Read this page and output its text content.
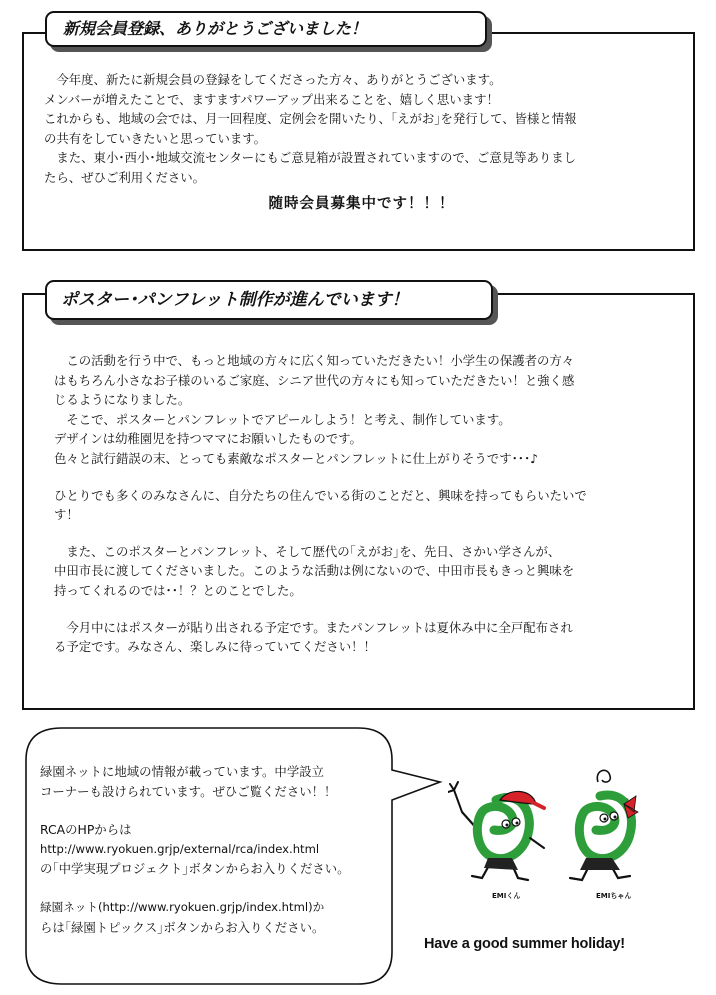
　今年度、新たに新規会員の登録をしてくださった方々、ありがとうございます。

メンバーが増えたことで、ますますパワーアップ出来ることを、嬉しく思います！

これからも、地域の会では、月一回程度、定例会を開いたり、｢えがお｣を発行して、皆様と情報

の共有をしていきたいと思っています。

　また、東小･西小･地域交流センターにもご意見箱が設置されていますので、ご意見等ありまし

たら、ぜひご利用ください。

随時会員募集中です！！！
新規会員登録、ありがとうございました！

　この活動を行う中で、もっと地域の方々に広く知っていただきたい！小学生の保護者の方々

はもちろん小さなお子様のいるご家庭、シニア世代の方々にも知っていただきたい！と強く感

じるようになりました。

　そこで、ポスターとパンフレットでアピールしよう！と考え、制作しています。

デザインは幼稚園児を持つママにお願いしたものです。

色々と試行錯誤の末、とっても素敵なポスターとパンフレットに仕上がりそうです･･･♪

ひとりでも多くのみなさんに、自分たちの住んでいる街のことだと、興味を持ってもらいたいで

す！

　また、このポスターとパンフレット、そして歴代の｢えがお｣を、先日、さかい学さんが、

中田市長に渡してくださいました。このような活動は例にないので、中田市長もきっと興味を

持ってくれるのでは･･！？とのことでした。

　今月中にはポスターが貼り出される予定です。またパンフレットは夏休み中に全戸配布され

る予定です。みなさん、楽しみに待っていてください！！

ポスター･パンフレット制作が進んでいます！

緑園ネットに地域の情報が載っています。中学設立

コーナーも設けられています。ぜひご覧ください！！

RCAのHPからは

http://www.ryokuen.grjp/external/rca/index.html

の｢中学実現プロジェクト｣ボタンからお入りください。

緑園ネット(http://www.ryokuen.grjp/index.html)か

らは｢緑園トピックス｣ボタンからお入りください。

EMIくん	EMIちゃん
Have a good summer holiday!
